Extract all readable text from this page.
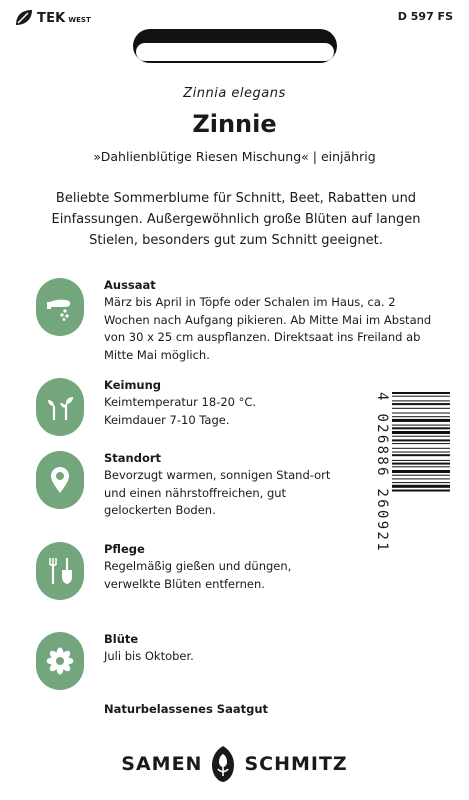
TEK WEST	D 597 FS
Zinnia elegans
Zinnie
»Dahlienblütige Riesen Mischung« | einjährig
Beliebte Sommerblume für Schnitt, Beet, Rabatten und Einfassungen. Außergewöhnlich große Blüten auf langen Stielen, besonders gut zum Schnitt geeignet.
Aussaat
März bis April in Töpfe oder Schalen im Haus, ca. 2 Wochen nach Aufgang pikieren. Ab Mitte Mai im Abstand von 30 x 25 cm auspflanzen. Direktsaat ins Freiland ab Mitte Mai möglich.
Keimung
Keimtemperatur 18-20 °C. Keimdauer 7-10 Tage.
Standort
Bevorzugt warmen, sonnigen Stand-ort und einen nährstoffreichen, gut gelockerten Boden.
Pflege
Regelmäßig gießen und düngen, verwelkte Blüten entfernen.
Blüte
Juli bis Oktober.
4 026886 260921
Naturbelassenes Saatgut
SAMEN SCHMITZ
